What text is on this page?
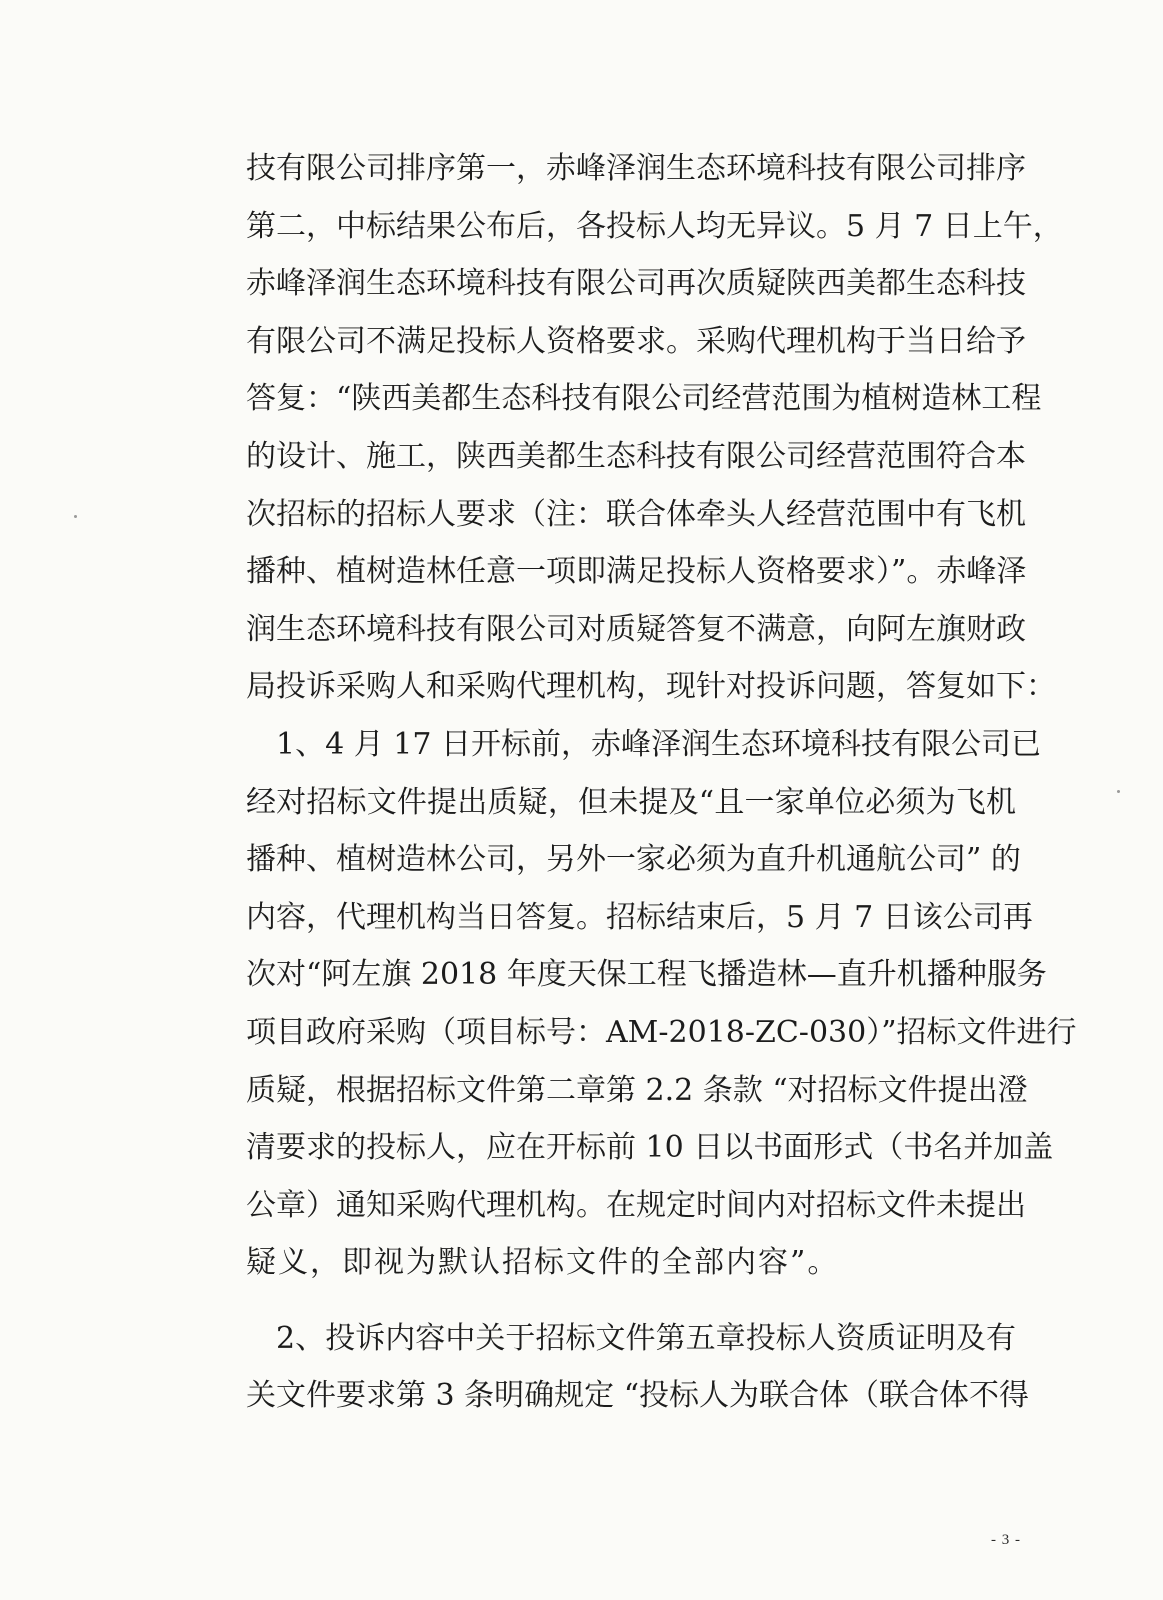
技有限公司排序第一，赤峰泽润生态环境科技有限公司排序
第二，中标结果公布后，各投标人均无异议。5 月 7 日上午，
赤峰泽润生态环境科技有限公司再次质疑陕西美都生态科技
有限公司不满足投标人资格要求。采购代理机构于当日给予
答复：“陕西美都生态科技有限公司经营范围为植树造林工程
的设计、施工，陕西美都生态科技有限公司经营范围符合本
次招标的招标人要求（注：联合体牵头人经营范围中有飞机
播种、植树造林任意一项即满足投标人资格要求）”。赤峰泽
润生态环境科技有限公司对质疑答复不满意，向阿左旗财政
局投诉采购人和采购代理机构，现针对投诉问题，答复如下：
　1、4 月 17 日开标前，赤峰泽润生态环境科技有限公司已
经对招标文件提出质疑，但未提及“且一家单位必须为飞机
播种、植树造林公司，另外一家必须为直升机通航公司” 的
内容，代理机构当日答复。招标结束后，5 月 7 日该公司再
次对“阿左旗 2018 年度天保工程飞播造林—直升机播种服务
项目政府采购（项目标号：AM-2018-ZC-030）”招标文件进行
质疑，根据招标文件第二章第 2.2 条款 “对招标文件提出澄
清要求的投标人，应在开标前 10 日以书面形式（书名并加盖
公章）通知采购代理机构。在规定时间内对招标文件未提出
疑义，即视为默认招标文件的全部内容”。
　2、投诉内容中关于招标文件第五章投标人资质证明及有
关文件要求第 3 条明确规定 “投标人为联合体（联合体不得
- 3 -
